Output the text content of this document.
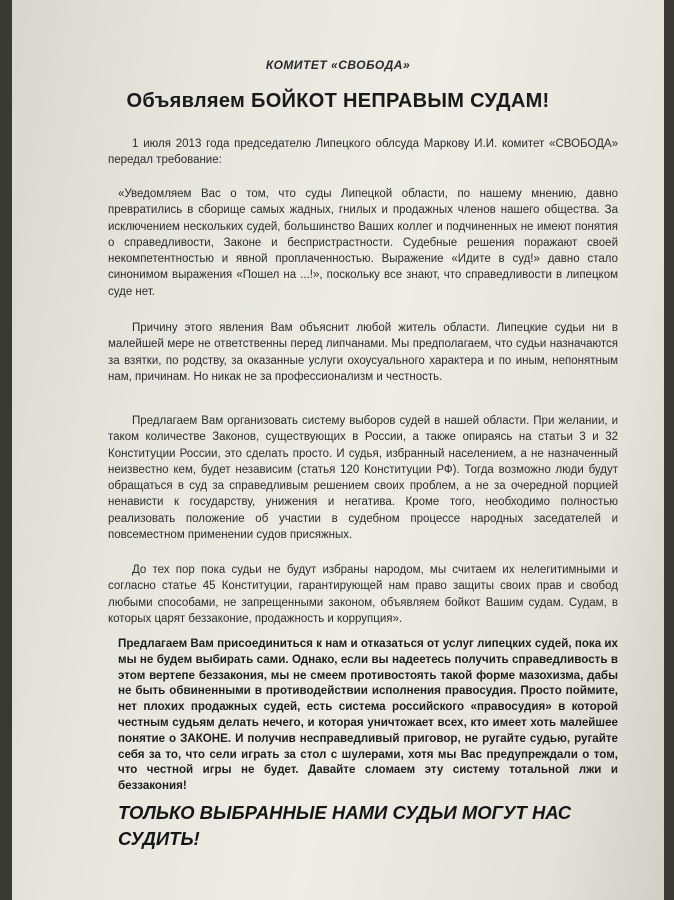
КОМИТЕТ «СВОБОДА»
Объявляем БОЙКОТ НЕПРАВЫМ СУДАМ!
1 июля 2013 года председателю Липецкого облсуда Маркову И.И. комитет «СВОБОДА» передал требование:
«Уведомляем Вас о том, что суды Липецкой области, по нашему мнению, давно превратились в сборище самых жадных, гнилых и продажных членов нашего общества. За исключением нескольких судей, большинство Ваших коллег и подчиненных не имеют понятия о справедливости, Законе и беспристрастности. Судебные решения поражают своей некомпетентностью и явной проплаченностью. Выражение «Идите в суд!» давно стало синонимом выражения «Пошел на ...!», поскольку все знают, что справедливости в липецком суде нет.
Причину этого явления Вам объяснит любой житель области. Липецкие судьи ни в малейшей мере не ответственны перед липчанами. Мы предполагаем, что судьи назначаются за взятки, по родству, за оказанные услуги охоусуального характера и по иным, непонятным нам, причинам. Но никак не за профессионализм и честность.
Предлагаем Вам организовать систему выборов судей в нашей области. При желании, и таком количестве Законов, существующих в России, а также опираясь на статьи 3 и 32 Конституции России, это сделать просто. И судья, избранный населением, а не назначенный неизвестно кем, будет независим (статья 120 Конституции РФ). Тогда возможно люди будут обращаться в суд за справедливым решением своих проблем, а не за очередной порцией ненависти к государству, унижения и негатива. Кроме того, необходимо полностью реализовать положение об участии в судебном процессе народных заседателей и повсеместном применении судов присяжных.
До тех пор пока судьи не будут избраны народом, мы считаем их нелегитимными и согласно статье 45 Конституции, гарантирующей нам право защиты своих прав и свобод любыми способами, не запрещенными законом, объявляем бойкот Вашим судам. Судам, в которых царят беззаконие, продажность и коррупция».
Предлагаем Вам присоединиться к нам и отказаться от услуг липецких судей, пока их мы не будем выбирать сами. Однако, если вы надеетесь получить справедливость в этом вертепе беззакония, мы не смеем противостоять такой форме мазохизма, дабы не быть обвиненными в противодействии исполнения правосудия. Просто поймите, нет плохих продажных судей, есть система российского «правосудия» в которой честным судьям делать нечего, и которая уничтожает всех, кто имеет хоть малейшее понятие о ЗАКОНЕ. И получив несправедливый приговор, не ругайте судью, ругайте себя за то, что сели играть за стол с шулерами, хотя мы Вас предупреждали о том, что честной игры не будет. Давайте сломаем эту систему тотальной лжи и беззакония!
ТОЛЬКО ВЫБРАННЫЕ НАМИ СУДЬИ МОГУТ НАС СУДИТЬ!
